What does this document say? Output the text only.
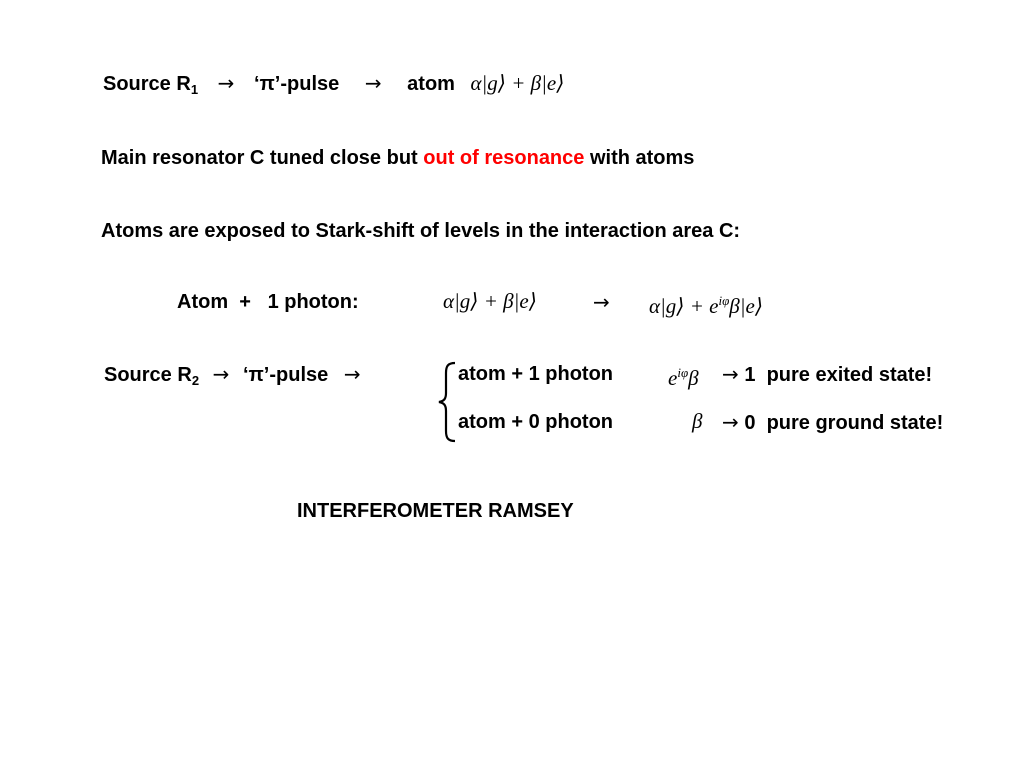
Source $R_1$ → ‘π’-pulse → atom α|g⟩ + β|e⟩
Main resonator C tuned close but out of resonance with atoms
Atoms are exposed to Stark-shift of levels in the interaction area C:
Atom  +   1 photon:	α|g⟩ + β|e⟩	→ α|g⟩ + $e^{i\varphi}\beta|e⟩$
Source $R_2$ → ‘π’-pulse →	atom + 1 photon	$e^{i\varphi}\beta \to 1$  pure exited state!
atom + 0 photon	β → 0  pure ground state!
INTERFEROMETER RAMSEY
